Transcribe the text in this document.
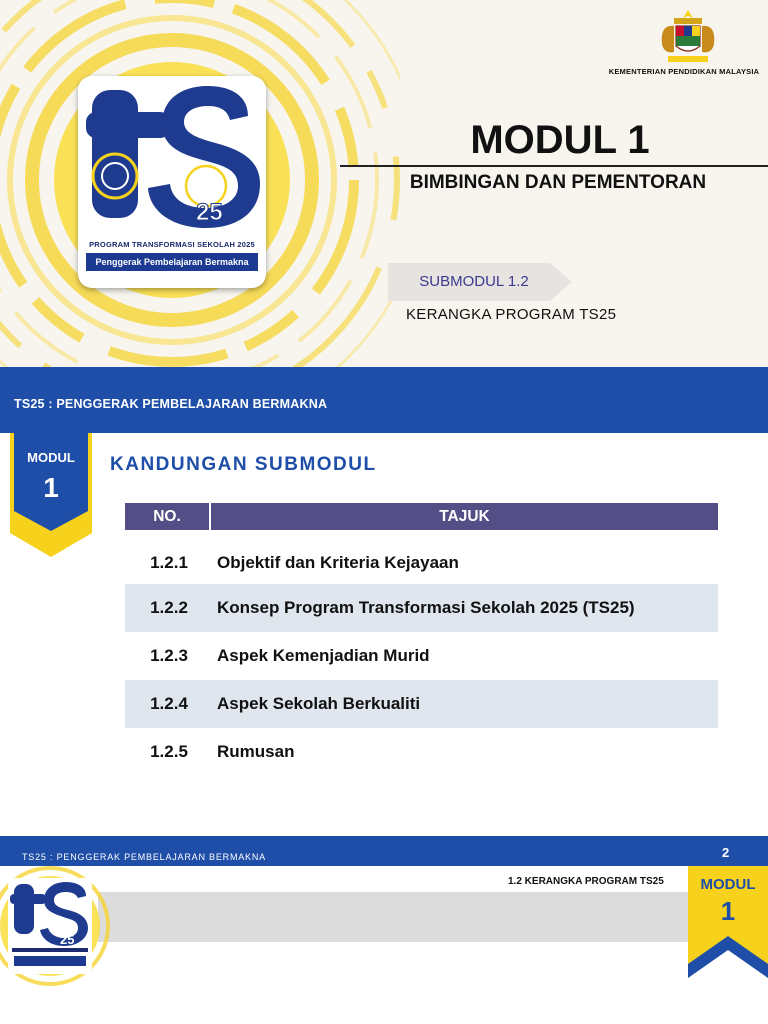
25
PROGRAM TRANSFORMASI SEKOLAH 2025
Penggerak Pembelajaran Bermakna
KEMENTERIAN PENDIDIKAN MALAYSIA
MODUL 1
BIMBINGAN DAN PEMENTORAN
SUBMODUL 1.2
KERANGKA PROGRAM TS25
TS25 : PENGGERAK PEMBELAJARAN BERMAKNA
MODUL
1
KANDUNGAN SUBMODUL
NO.	TAJUK
1.2.1	Objektif dan Kriteria Kejayaan
1.2.2	Konsep Program Transformasi Sekolah 2025 (TS25)
1.2.3	Aspek Kemenjadian Murid
1.2.4	Aspek Sekolah Berkualiti
1.2.5	Rumusan
TS25 : PENGGERAK PEMBELAJARAN BERMAKNA	2
1.2 KERANGKA PROGRAM TS25
25
MODUL
1
